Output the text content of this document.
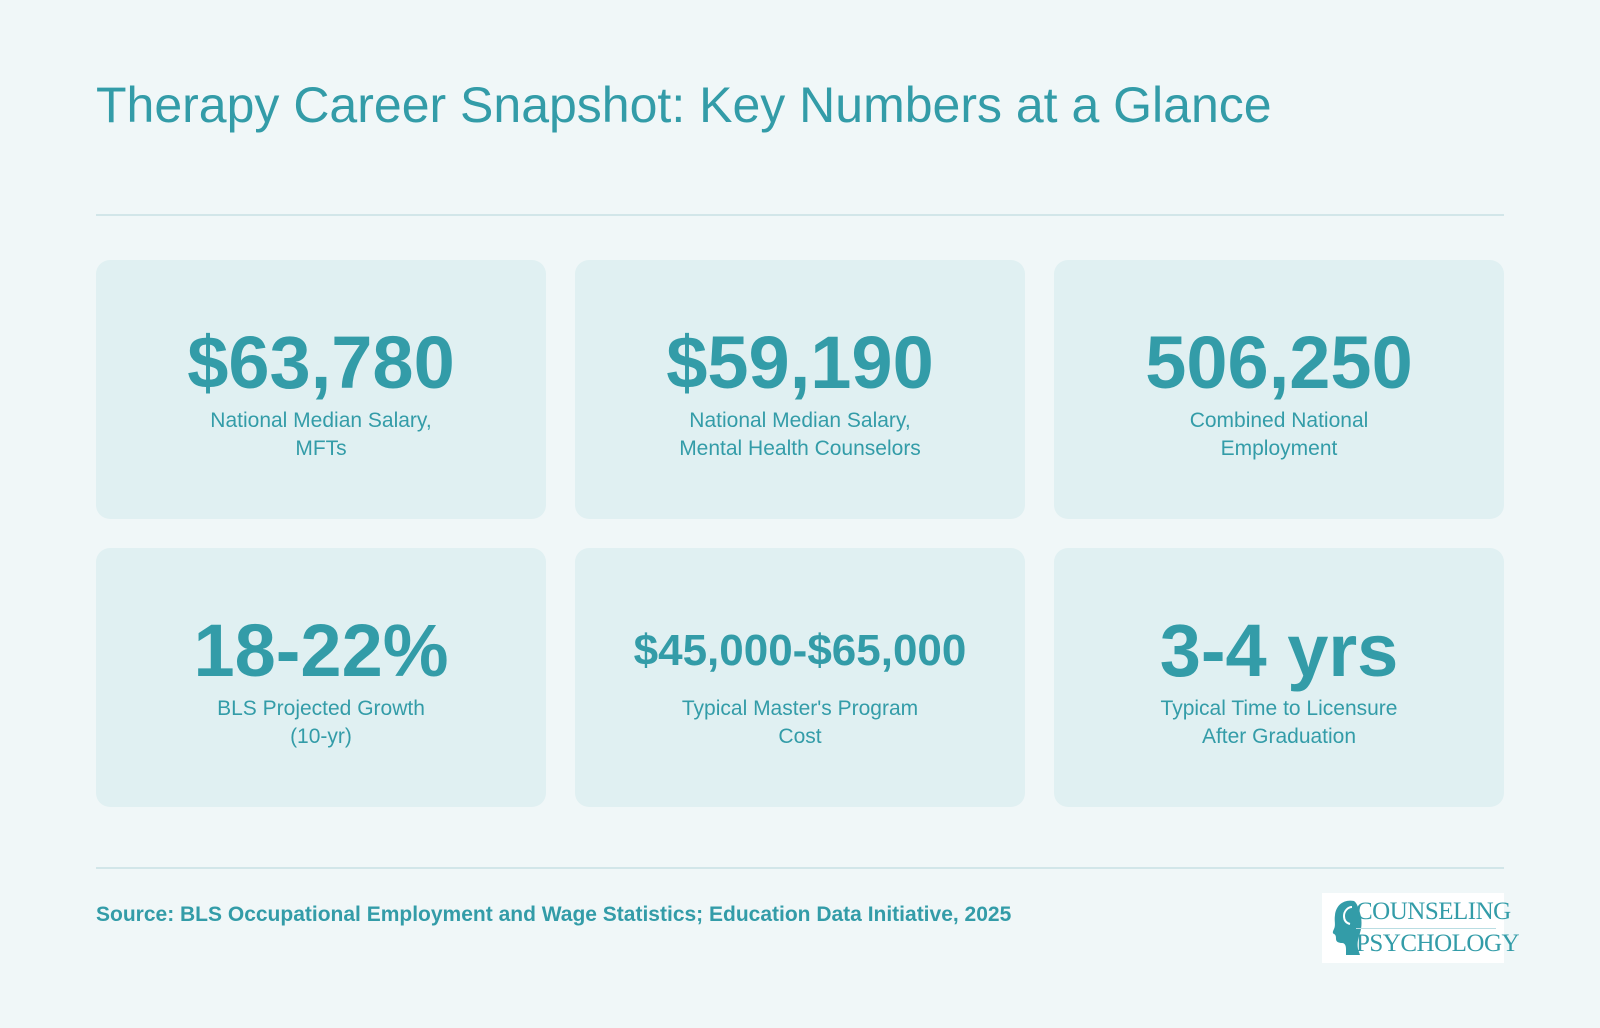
Therapy Career Snapshot: Key Numbers at a Glance
$63,780
National Median Salary,
MFTs
$59,190
National Median Salary,
Mental Health Counselors
506,250
Combined National
Employment
18-22%
BLS Projected Growth
(10-yr)
$45,000-$65,000
Typical Master's Program
Cost
3-4 yrs
Typical Time to Licensure
After Graduation
Source: BLS Occupational Employment and Wage Statistics; Education Data Initiative, 2025	COUNSELING
PSYCHOLOGY
